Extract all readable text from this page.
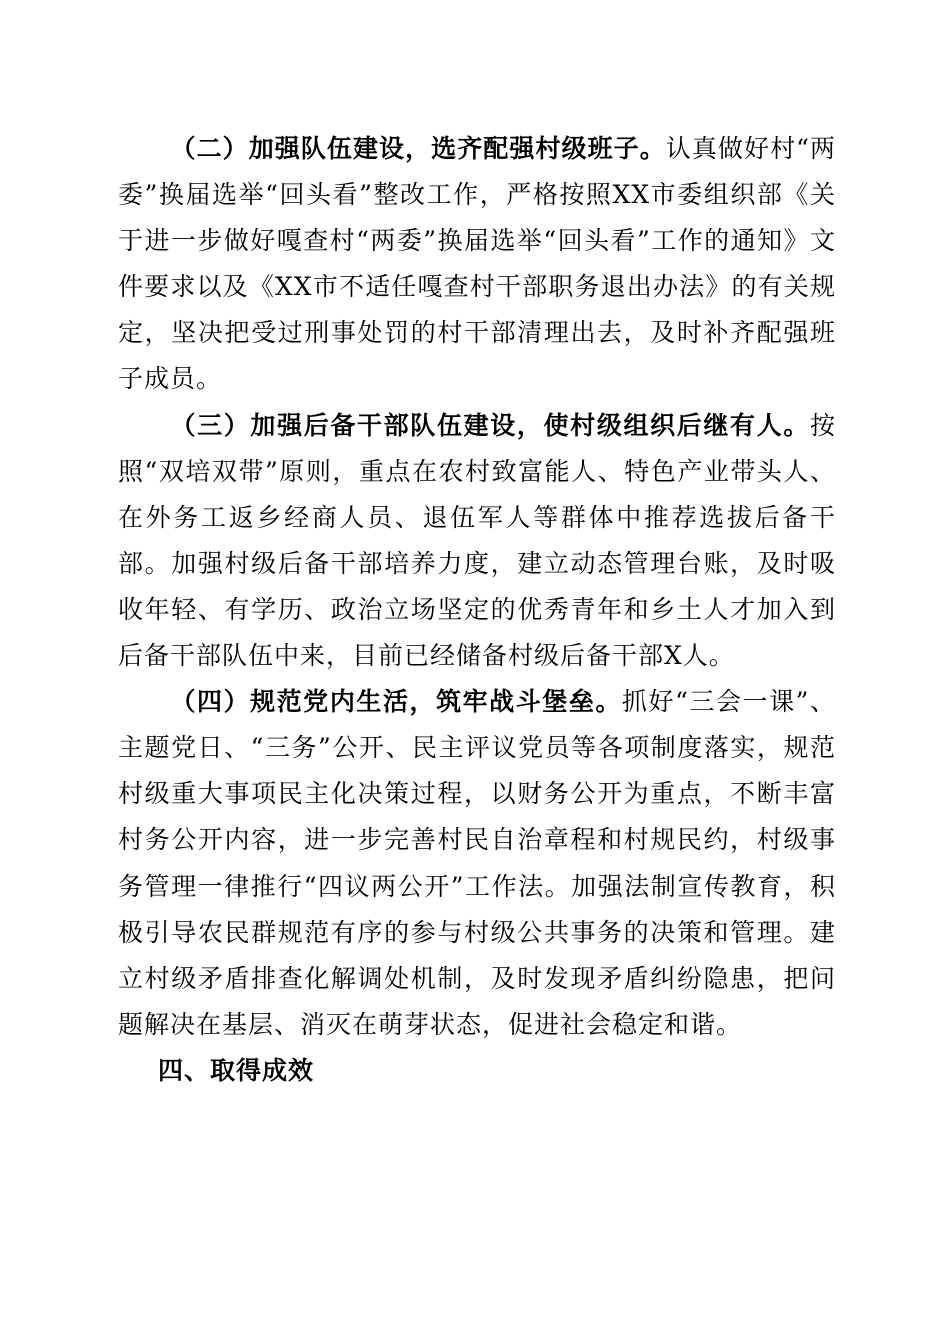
（二）加强队伍建设，选齐配强村级班子。认真做好村“两委”换届选举“回头看”整改工作，严格按照XX市委组织部《关于进一步做好嘎查村“两委”换届选举“回头看”工作的通知》文件要求以及《XX市不适任嘎查村干部职务退出办法》的有关规定，坚决把受过刑事处罚的村干部清理出去，及时补齐配强班子成员。

（三）加强后备干部队伍建设，使村级组织后继有人。按照“双培双带”原则，重点在农村致富能人、特色产业带头人、在外务工返乡经商人员、退伍军人等群体中推荐选拔后备干部。加强村级后备干部培养力度，建立动态管理台账，及时吸收年轻、有学历、政治立场坚定的优秀青年和乡土人才加入到后备干部队伍中来，目前已经储备村级后备干部X人。

（四）规范党内生活，筑牢战斗堡垒。抓好“三会一课”、主题党日、“三务”公开、民主评议党员等各项制度落实，规范村级重大事项民主化决策过程，以财务公开为重点，不断丰富村务公开内容，进一步完善村民自治章程和村规民约，村级事务管理一律推行“四议两公开”工作法。加强法制宣传教育，积极引导农民群规范有序的参与村级公共事务的决策和管理。建立村级矛盾排查化解调处机制，及时发现矛盾纠纷隐患，把问题解决在基层、消灭在萌芽状态，促进社会稳定和谐。

四、取得成效
